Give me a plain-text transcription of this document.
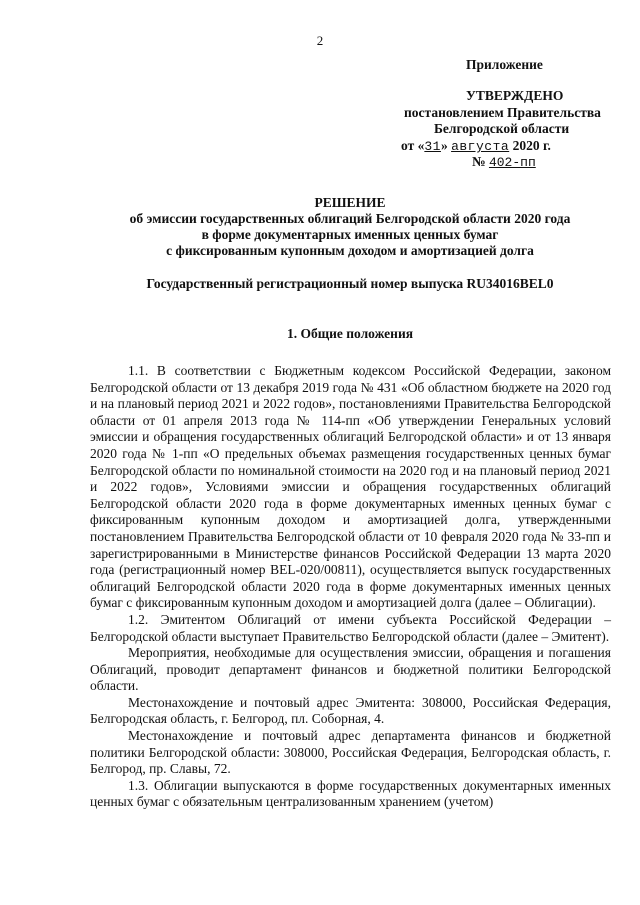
2
Приложение
УТВЕРЖДЕНО
постановлением Правительства
Белгородской области
от «31» августа 2020 г.
№ 402-пп
РЕШЕНИЕ
об эмиссии государственных облигаций Белгородской области 2020 года
в форме документарных именных ценных бумаг
с фиксированным купонным доходом и амортизацией долга
Государственный регистрационный номер выпуска RU34016BEL0
1. Общие положения

1.1. В соответствии с Бюджетным кодексом Российской Федерации, законом Белгородской области от 13 декабря 2019 года № 431 «Об областном бюджете на 2020 год и на плановый период 2021 и 2022 годов», постановлениями Правительства Белгородской области от 01 апреля 2013 года № 114-пп «Об утверждении Генеральных условий эмиссии и обращения государственных облигаций Белгородской области» и от 13 января 2020 года № 1-пп «О предельных объемах размещения государственных ценных бумаг Белгородской области по номинальной стоимости на 2020 год и на плановый период 2021 и 2022 годов», Условиями эмиссии и обращения государственных облигаций Белгородской области 2020 года в форме документарных именных ценных бумаг с фиксированным купонным доходом и амортизацией долга, утвержденными постановлением Правительства Белгородской области от 10 февраля 2020 года № 33-пп и зарегистрированными в Министерстве финансов Российской Федерации 13 марта 2020 года (регистрационный номер BEL-020/00811), осуществляется выпуск государственных облигаций Белгородской области 2020 года в форме документарных именных ценных бумаг с фиксированным купонным доходом и амортизацией долга (далее – Облигации).

1.2. Эмитентом Облигаций от имени субъекта Российской Федерации – Белгородской области выступает Правительство Белгородской области (далее – Эмитент).

Мероприятия, необходимые для осуществления эмиссии, обращения и погашения Облигаций, проводит департамент финансов и бюджетной политики Белгородской области.

Местонахождение и почтовый адрес Эмитента: 308000, Российская Федерация, Белгородская область, г. Белгород, пл. Соборная, 4.

Местонахождение и почтовый адрес департамента финансов и бюджетной политики Белгородской области: 308000, Российская Федерация, Белгородская область, г. Белгород, пр. Славы, 72.

1.3. Облигации выпускаются в форме государственных документарных именных ценных бумаг с обязательным централизованным хранением (учетом)
